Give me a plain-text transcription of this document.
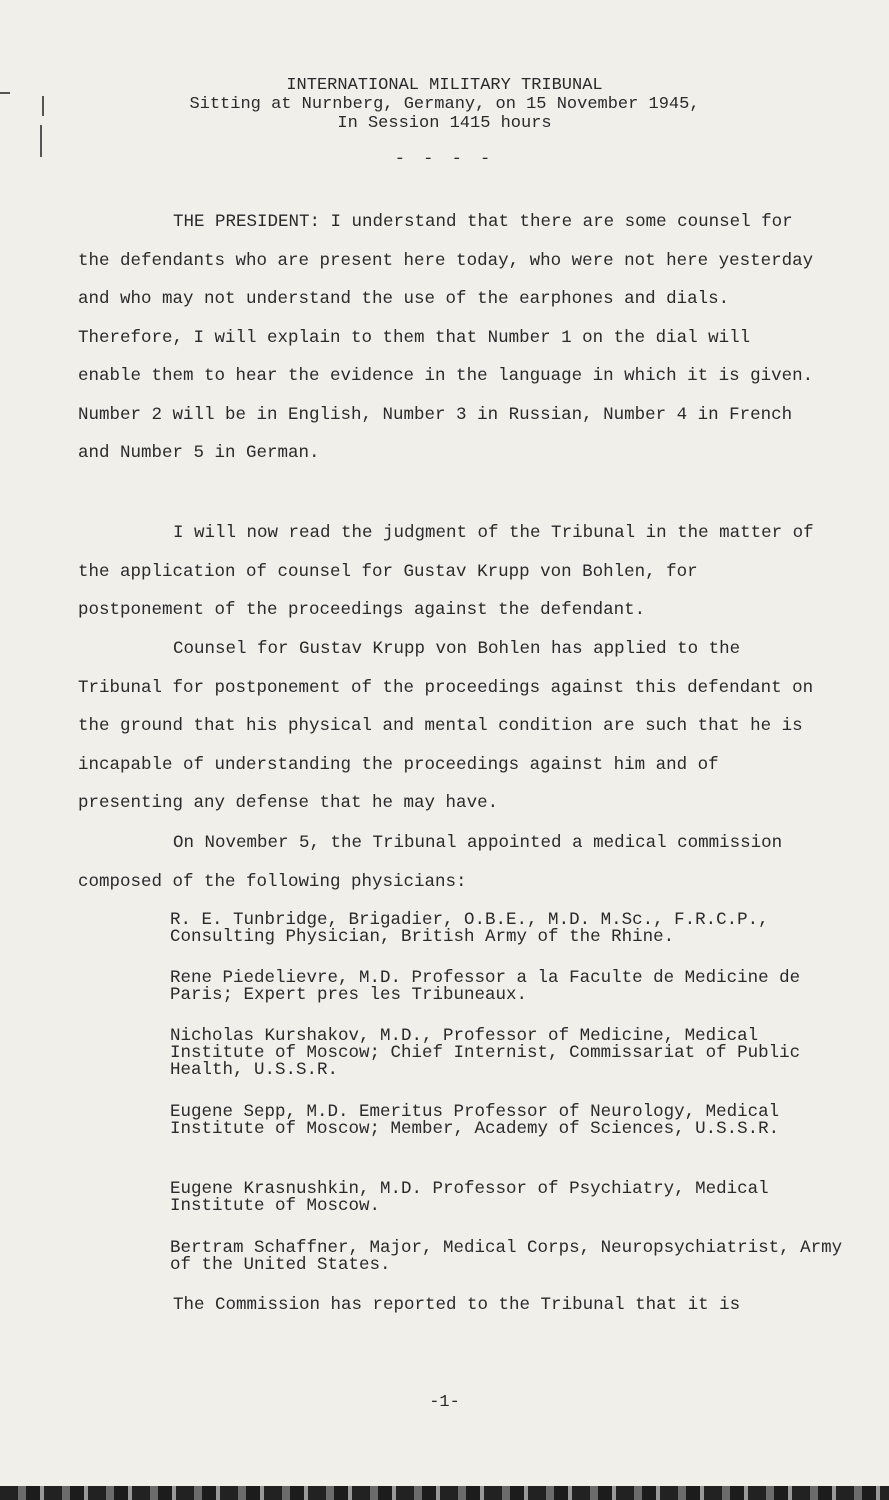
INTERNATIONAL MILITARY TRIBUNAL
Sitting at Nurnberg, Germany, on 15 November 1945,
In Session 1415 hours
- - - -

THE PRESIDENT: I understand that there are some counsel for the defendants who are present here today, who were not here yesterday and who may not understand the use of the earphones and dials. Therefore, I will explain to them that Number 1 on the dial will enable them to hear the evidence in the language in which it is given. Number 2 will be in English, Number 3 in Russian, Number 4 in French and Number 5 in German.

I will now read the judgment of the Tribunal in the matter of the application of counsel for Gustav Krupp von Bohlen, for postponement of the proceedings against the defendant.

Counsel for Gustav Krupp von Bohlen has applied to the Tribunal for postponement of the proceedings against this defendant on the ground that his physical and mental condition are such that he is incapable of understanding the proceedings against him and of presenting any defense that he may have.

On November 5, the Tribunal appointed a medical commission composed of the following physicians:

R. E. Tunbridge, Brigadier, O.B.E., M.D. M.Sc., F.R.C.P., Consulting Physician, British Army of the Rhine.

Rene Piedelievre, M.D. Professor a la Faculte de Medicine de Paris; Expert pres les Tribuneaux.

Nicholas Kurshakov, M.D., Professor of Medicine, Medical Institute of Moscow; Chief Internist, Commissariat of Public Health, U.S.S.R.

Eugene Sepp, M.D. Emeritus Professor of Neurology, Medical Institute of Moscow; Member, Academy of Sciences, U.S.S.R.

Eugene Krasnushkin, M.D. Professor of Psychiatry, Medical Institute of Moscow.

Bertram Schaffner, Major, Medical Corps, Neuropsychiatrist, Army of the United States.

The Commission has reported to the Tribunal that it is

-1-
